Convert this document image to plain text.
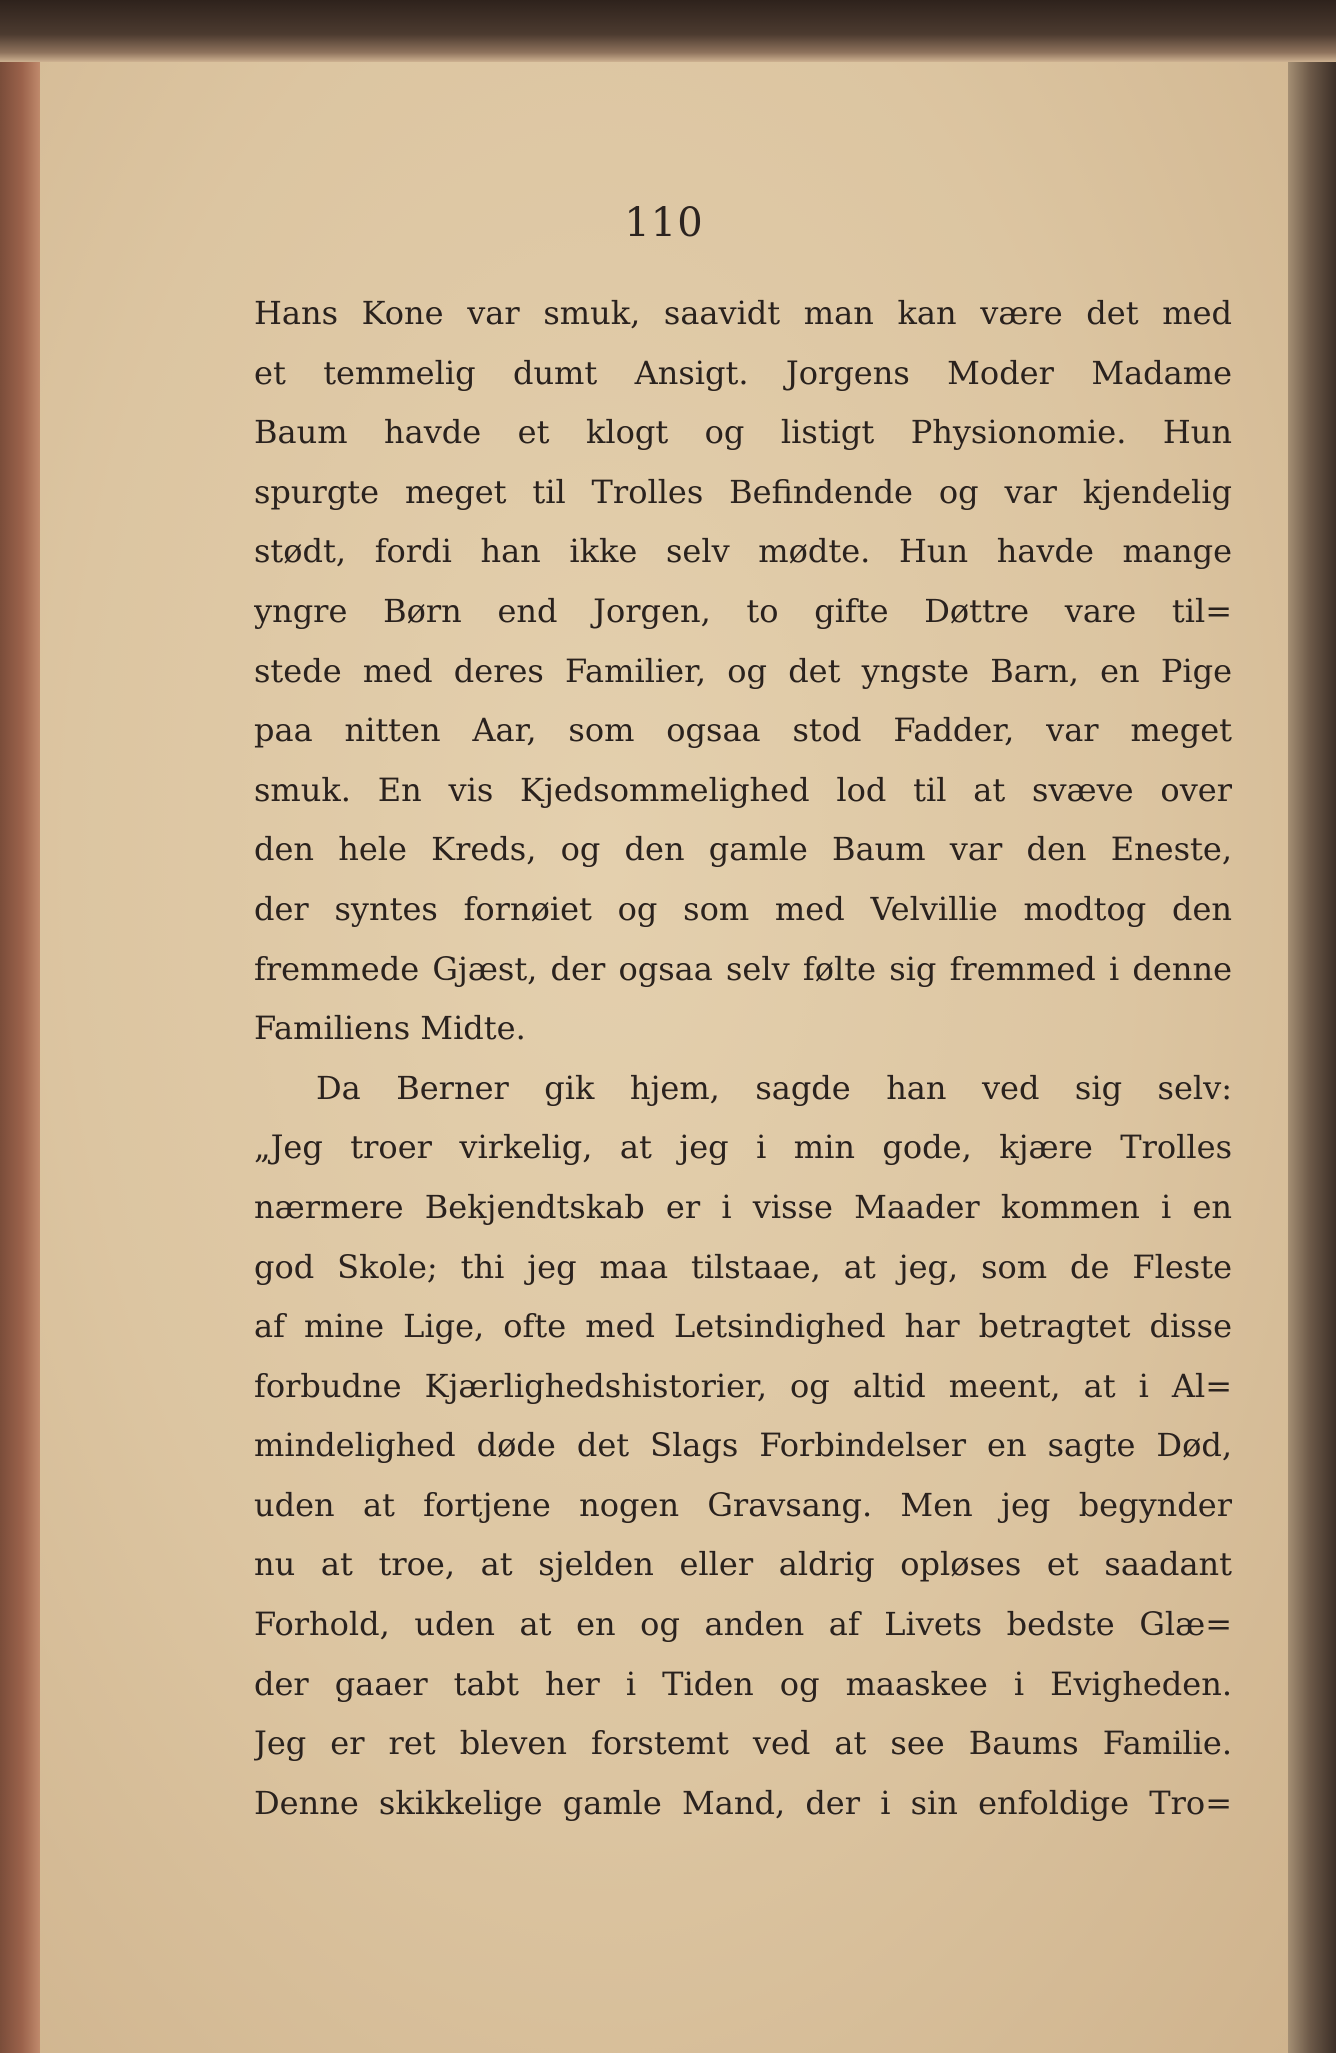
110
Hans Kone var smuk, saavidt man kan være det med
et temmelig dumt Ansigt. Jorgens Moder Madame
Baum havde et klogt og listigt Physionomie. Hun
spurgte meget til Trolles Befindende og var kjendelig
stødt, fordi han ikke selv mødte. Hun havde mange
yngre Børn end Jorgen, to gifte Døttre vare til=
stede med deres Familier, og det yngste Barn, en Pige
paa nitten Aar, som ogsaa stod Fadder, var meget
smuk. En vis Kjedsommelighed lod til at svæve over
den hele Kreds, og den gamle Baum var den Eneste,
der syntes fornøiet og som med Velvillie modtog den
fremmede Gjæst, der ogsaa selv følte sig fremmed i denne
Familiens Midte.
Da Berner gik hjem, sagde han ved sig selv:
„Jeg troer virkelig, at jeg i min gode, kjære Trolles
nærmere Bekjendtskab er i visse Maader kommen i en
god Skole; thi jeg maa tilstaae, at jeg, som de Fleste
af mine Lige, ofte med Letsindighed har betragtet disse
forbudne Kjærlighedshistorier, og altid meent, at i Al=
mindelighed døde det Slags Forbindelser en sagte Død,
uden at fortjene nogen Gravsang. Men jeg begynder
nu at troe, at sjelden eller aldrig opløses et saadant
Forhold, uden at en og anden af Livets bedste Glæ=
der gaaer tabt her i Tiden og maaskee i Evigheden.
Jeg er ret bleven forstemt ved at see Baums Familie.
Denne skikkelige gamle Mand, der i sin enfoldige Tro=
